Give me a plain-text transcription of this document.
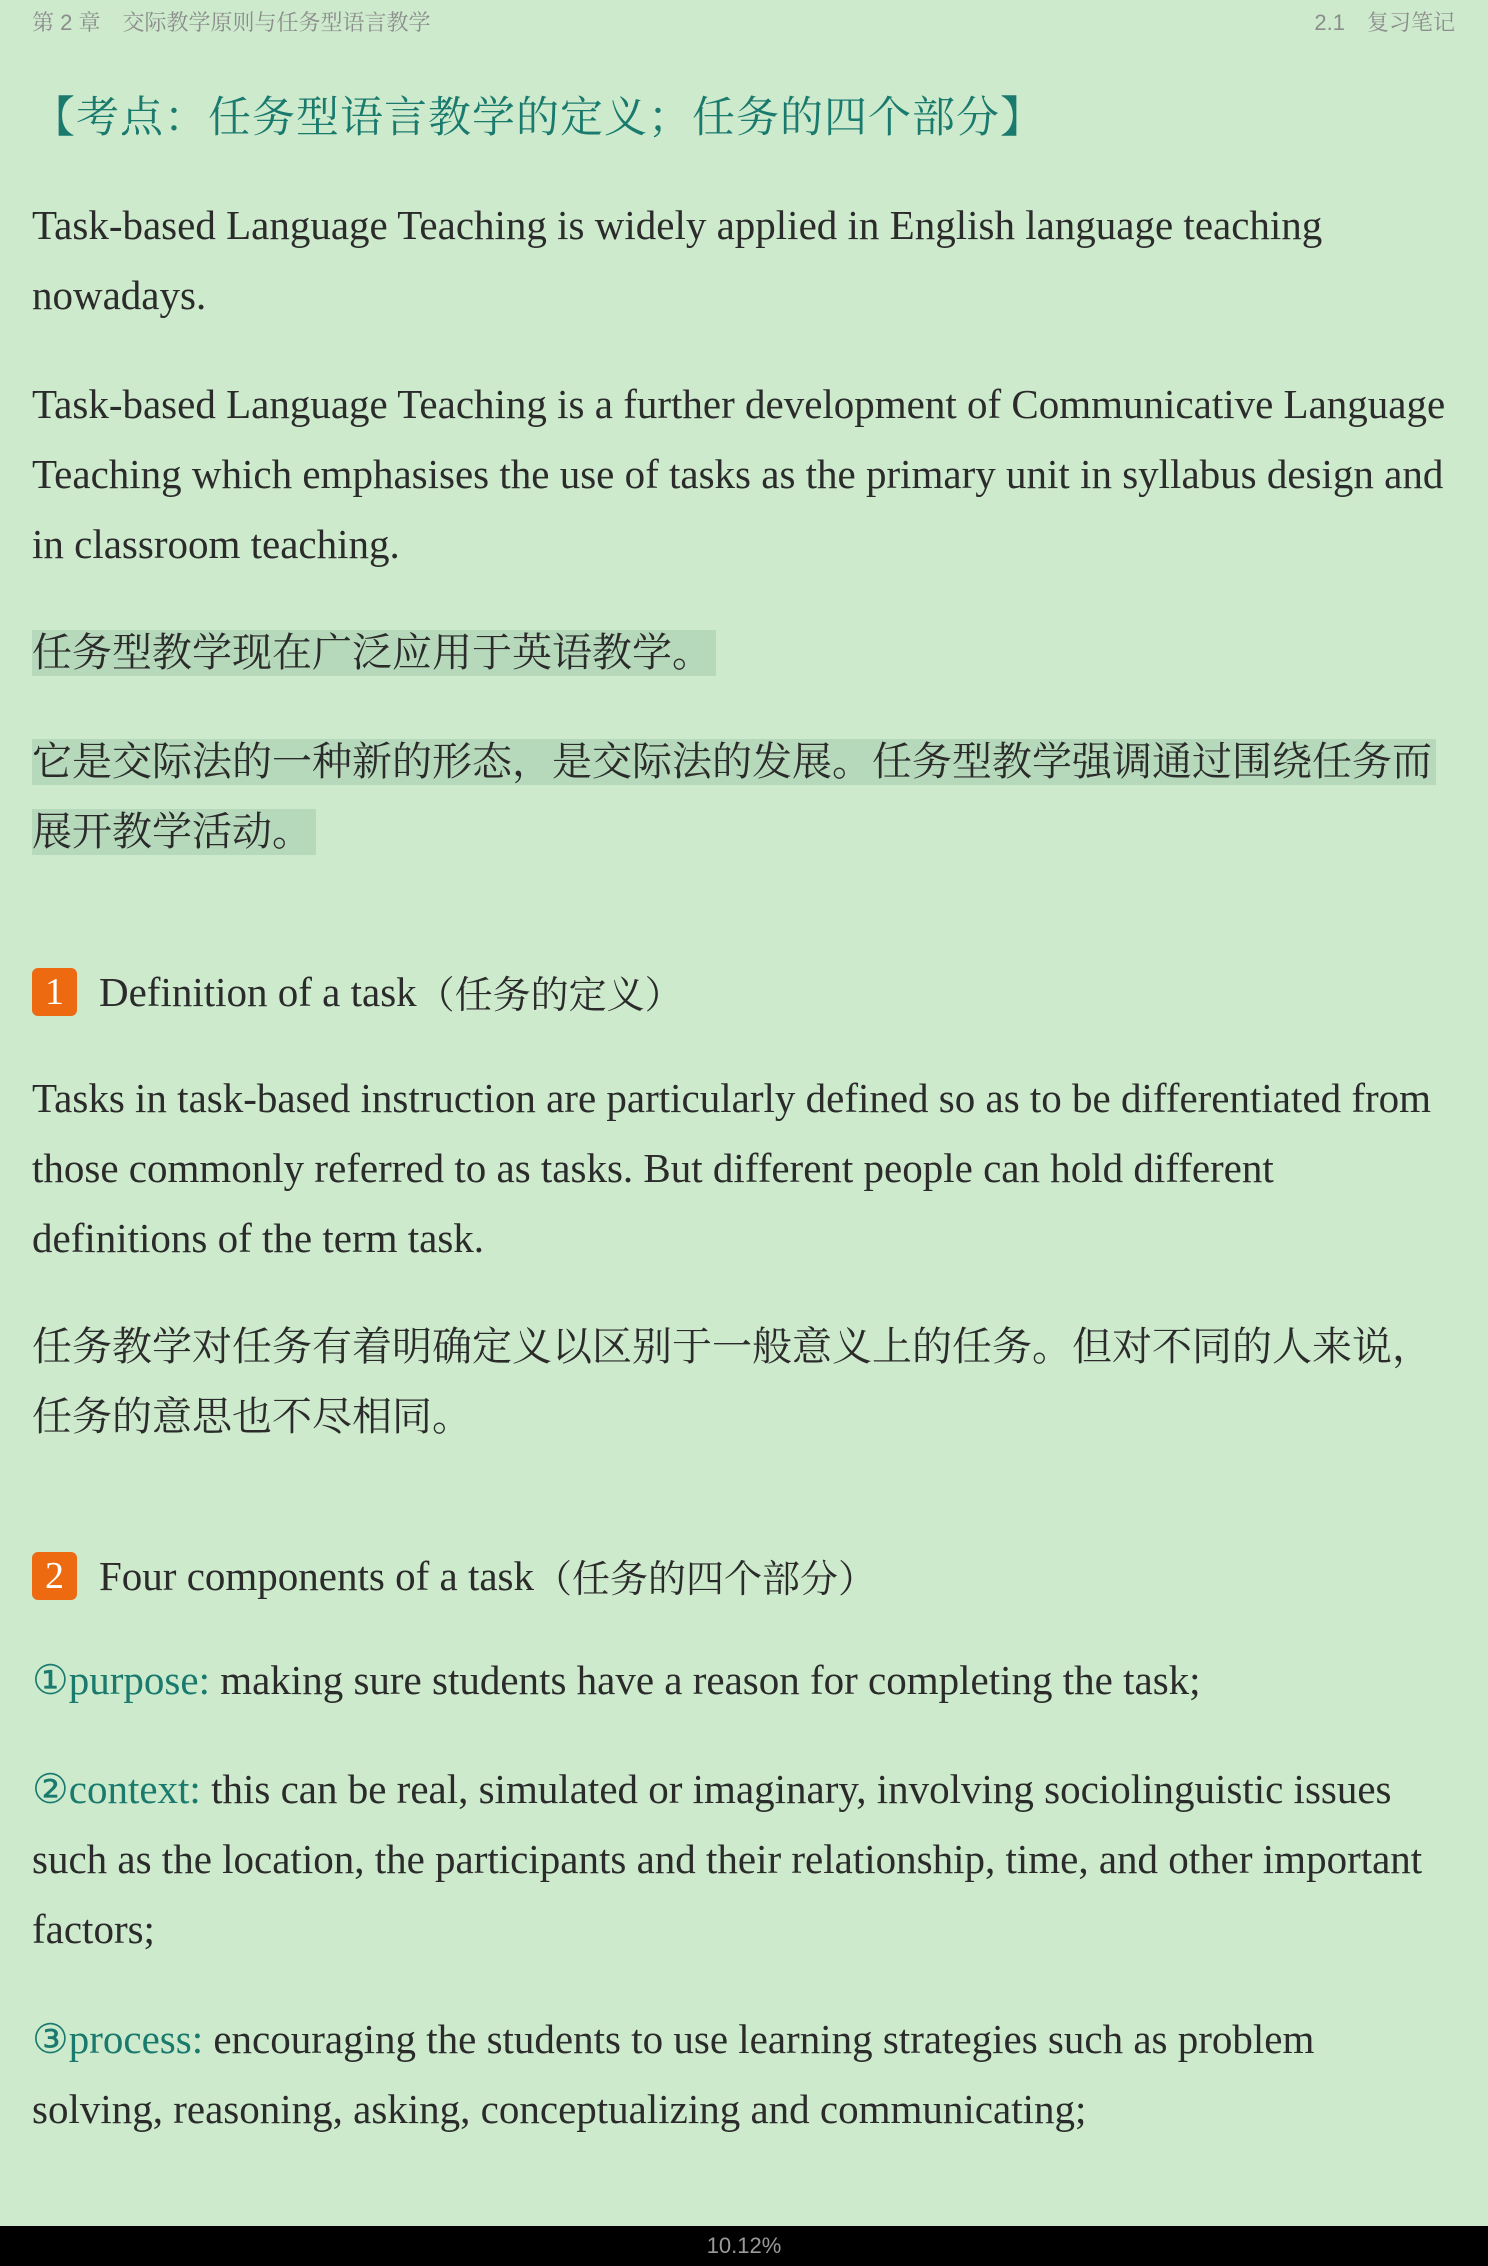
第 2 章　交际教学原则与任务型语言教学	2.1　复习笔记
【考点：任务型语言教学的定义；任务的四个部分】
Task-based Language Teaching is widely applied in English language teaching nowadays.
Task-based Language Teaching is a further development of Communicative Language Teaching which emphasises the use of tasks as the primary unit in syllabus design and in classroom teaching.
任务型教学现在广泛应用于英语教学。
它是交际法的一种新的形态，是交际法的发展。任务型教学强调通过围绕任务而展开教学活动。
1 Definition of a task （任务的定义）
Tasks in task-based instruction are particularly defined so as to be differentiated from those commonly referred to as tasks. But different people can hold different definitions of the term task.
任务教学对任务有着明确定义以区别于一般意义上的任务。但对不同的人来说，任务的意思也不尽相同。
2 Four components of a task （任务的四个部分）
①purpose: making sure students have a reason for completing the task;
②context: this can be real, simulated or imaginary, involving sociolinguistic issues such as the location, the participants and their relationship, time, and other important factors;
③process: encouraging the students to use learning strategies such as problem solving, reasoning, asking, conceptualizing and communicating;
10.12%
